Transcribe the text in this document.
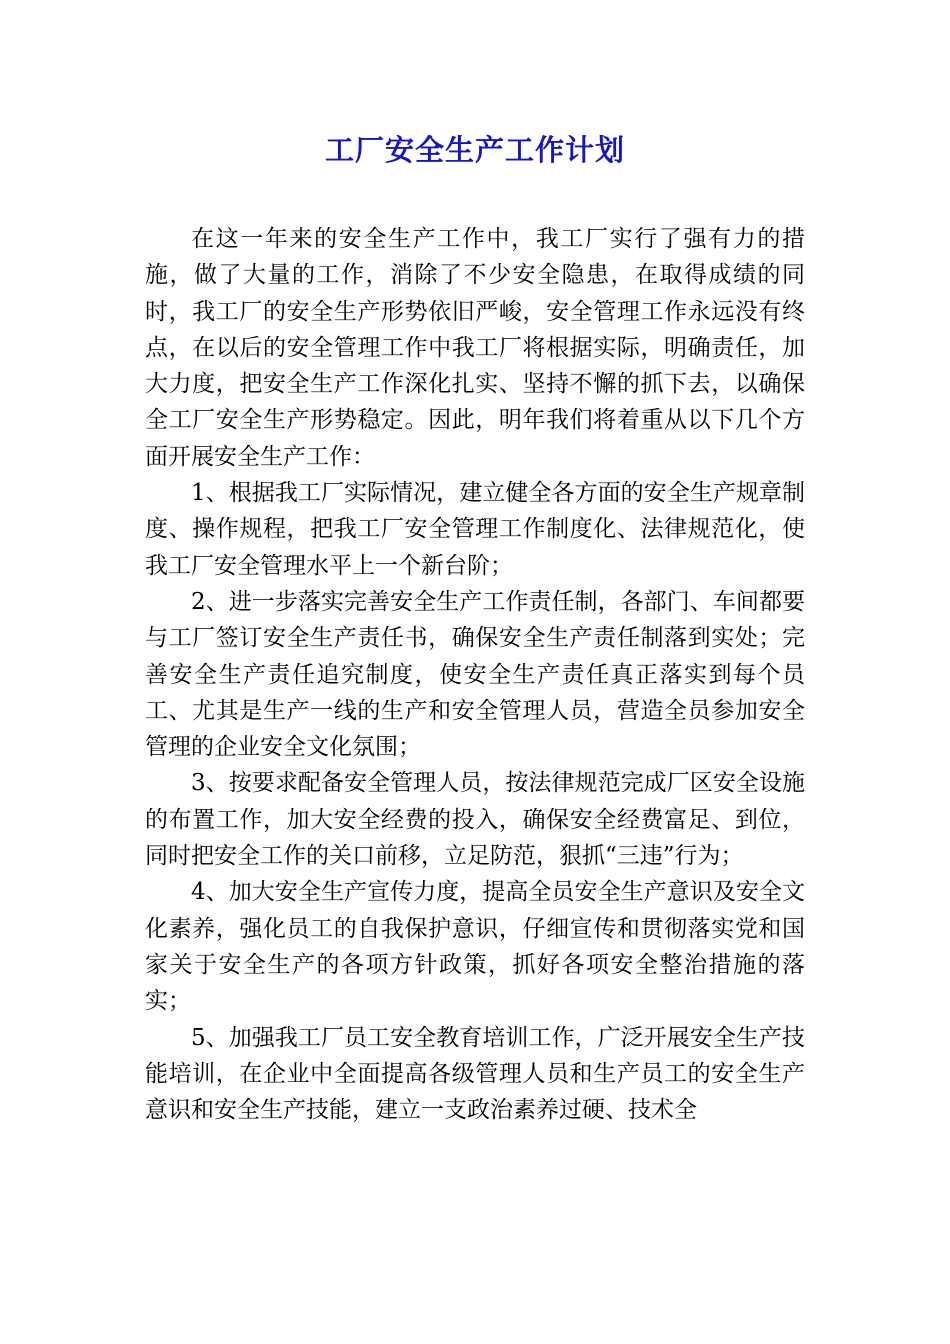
工厂安全生产工作计划

在这一年来的安全生产工作中，我工厂实行了强有力的措施，做了大量的工作，消除了不少安全隐患，在取得成绩的同时，我工厂的安全生产形势依旧严峻，安全管理工作永远没有终点，在以后的安全管理工作中我工厂将根据实际，明确责任，加大力度，把安全生产工作深化扎实、坚持不懈的抓下去，以确保全工厂安全生产形势稳定。因此，明年我们将着重从以下几个方面开展安全生产工作：

1、根据我工厂实际情况，建立健全各方面的安全生产规章制度、操作规程，把我工厂安全管理工作制度化、法律规范化，使我工厂安全管理水平上一个新台阶；

2、进一步落实完善安全生产工作责任制，各部门、车间都要与工厂签订安全生产责任书，确保安全生产责任制落到实处；完善安全生产责任追究制度，使安全生产责任真正落实到每个员工、尤其是生产一线的生产和安全管理人员，营造全员参加安全管理的企业安全文化氛围；

3、按要求配备安全管理人员，按法律规范完成厂区安全设施的布置工作，加大安全经费的投入，确保安全经费富足、到位，同时把安全工作的关口前移，立足防范，狠抓“三违”行为；

4、加大安全生产宣传力度，提高全员安全生产意识及安全文化素养，强化员工的自我保护意识，仔细宣传和贯彻落实党和国家关于安全生产的各项方针政策，抓好各项安全整治措施的落实；

5、加强我工厂员工安全教育培训工作，广泛开展安全生产技能培训，在企业中全面提高各级管理人员和生产员工的安全生产意识和安全生产技能，建立一支政治素养过硬、技术全
